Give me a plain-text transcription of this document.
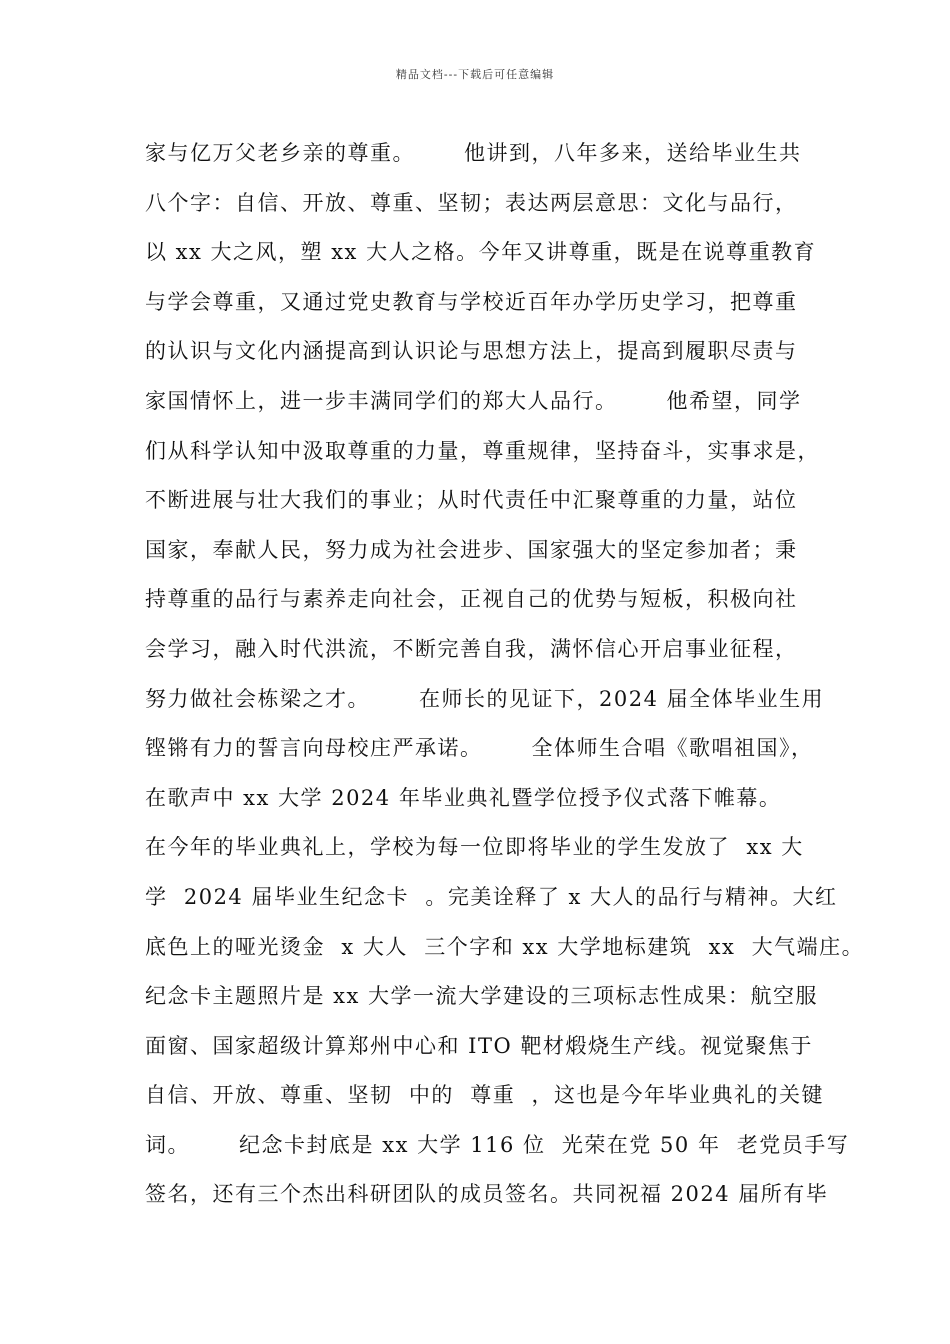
精品文档---下载后可任意编辑
家与亿万父老乡亲的尊重。      他讲到，八年多来，送给毕业生共
八个字：自信、开放、尊重、坚韧；表达两层意思：文化与品行，
以 xx 大之风，塑 xx 大人之格。今年又讲尊重，既是在说尊重教育
与学会尊重，又通过党史教育与学校近百年办学历史学习，把尊重
的认识与文化内涵提高到认识论与思想方法上，提高到履职尽责与
家国情怀上，进一步丰满同学们的郑大人品行。      他希望，同学
们从科学认知中汲取尊重的力量，尊重规律，坚持奋斗，实事求是，
不断进展与壮大我们的事业；从时代责任中汇聚尊重的力量，站位
国家，奉献人民，努力成为社会进步、国家强大的坚定参加者；秉
持尊重的品行与素养走向社会，正视自己的优势与短板，积极向社
会学习，融入时代洪流，不断完善自我，满怀信心开启事业征程，
努力做社会栋梁之才。      在师长的见证下，2024 届全体毕业生用
铿锵有力的誓言向母校庄严承诺。      全体师生合唱《歌唱祖国》，
在歌声中 xx 大学 2024 年毕业典礼暨学位授予仪式落下帷幕。
在今年的毕业典礼上，学校为每一位即将毕业的学生发放了  xx 大
学  2024 届毕业生纪念卡  。完美诠释了 x 大人的品行与精神。大红
底色上的哑光烫金  x 大人  三个字和 xx 大学地标建筑  xx  大气端庄。
纪念卡主题照片是 xx 大学一流大学建设的三项标志性成果：航空服
面窗、国家超级计算郑州中心和 ITO 靶材煅烧生产线。视觉聚焦于
自信、开放、尊重、坚韧  中的  尊重  ，这也是今年毕业典礼的关键
词。      纪念卡封底是 xx 大学 116 位  光荣在党 50 年  老党员手写
签名，还有三个杰出科研团队的成员签名。共同祝福 2024 届所有毕
